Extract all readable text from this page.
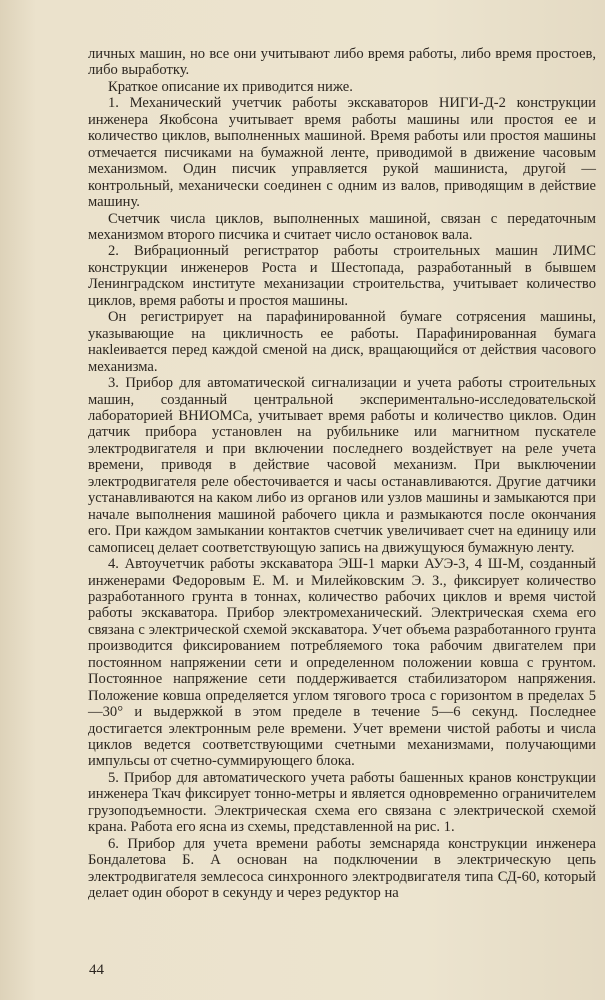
личных машин, но все они учитывают либо время работы, либо время простоев, либо выработку.

Краткое описание их приводится ниже.

1. Механический учетчик работы экскаваторов НИГИ-Д-2 конструкции инженера Якобсона учитывает время работы машины или простоя ее и количество циклов, выполненных машиной. Время работы или простоя машины отмечается писчиками на бумажной ленте, приводимой в движение часовым механизмом. Один писчик управляется рукой машиниста, другой — контрольный, механически соединен с одним из валов, приводящим в действие машину.

Счетчик числа циклов, выполненных машиной, связан с передаточным механизмом второго писчика и считает число остановок вала.

2. Вибрационный регистратор работы строительных машин ЛИМС конструкции инженеров Роста и Шестопада, разработанный в бывшем Ленинградском институте механизации строительства, учитывает количество циклов, время работы и простоя машины.

Он регистрирует на парафинированной бумаге сотрясения машины, указывающие на цикличность ее работы. Парафинированная бумага накleивается перед каждой сменой на диск, вращающийся от действия часового механизма.

3. Прибор для автоматической сигнализации и учета работы строительных машин, созданный центральной экспериментально-исследовательской лабораторией ВНИОМСа, учитывает время работы и количество циклов. Один датчик прибора установлен на рубильнике или магнитном пускателе электродвигателя и при включении последнего воздействует на реле учета времени, приводя в действие часовой механизм. При выключении электродвигателя реле обесточивается и часы останавливаются. Другие датчики устанавливаются на каком либо из органов или узлов машины и замыкаются при начале выполнения машиной рабочего цикла и размыкаются после окончания его. При каждом замыкании контактов счетчик увеличивает счет на единицу или самописец делает соответствующую запись на движущуюся бумажную ленту.

4. Автоучетчик работы экскаватора ЭШ-1 марки АУЭ-3, 4 Ш-М, созданный инженерами Федоровым Е. М. и Милейковским Э. З., фиксирует количество разработанного грунта в тоннах, количество рабочих циклов и время чистой работы экскаватора. Прибор электромеханический. Электрическая схема его связана с электрической схемой экскаватора. Учет объема разработанного грунта производится фиксированием потребляемого тока рабочим двигателем при постоянном напряжении сети и определенном положении ковша с грунтом. Постоянное напряжение сети поддерживается стабилизатором напряжения. Положение ковша определяется углом тягового троса с горизонтом в пределах 5—30° и выдержкой в этом пределе в течение 5—6 секунд. Последнее достигается электронным реле времени. Учет времени чистой работы и числа циклов ведется соответствующими счетными механизмами, получающими импульсы от счетно-суммирующего блока.

5. Прибор для автоматического учета работы башенных кранов конструкции инженера Ткач фиксирует тонно-метры и является одновременно ограничителем грузоподъемности. Электрическая схема его связана с электрической схемой крана. Работа его ясна из схемы, представленной на рис. 1.

6. Прибор для учета времени работы земснаряда конструкции инженера Бондалетова Б. А основан на подключении в электрическую цепь электродвигателя землесоса синхронного электродвигателя типа СД-60, который делает один оборот в секунду и через редуктор на

44
